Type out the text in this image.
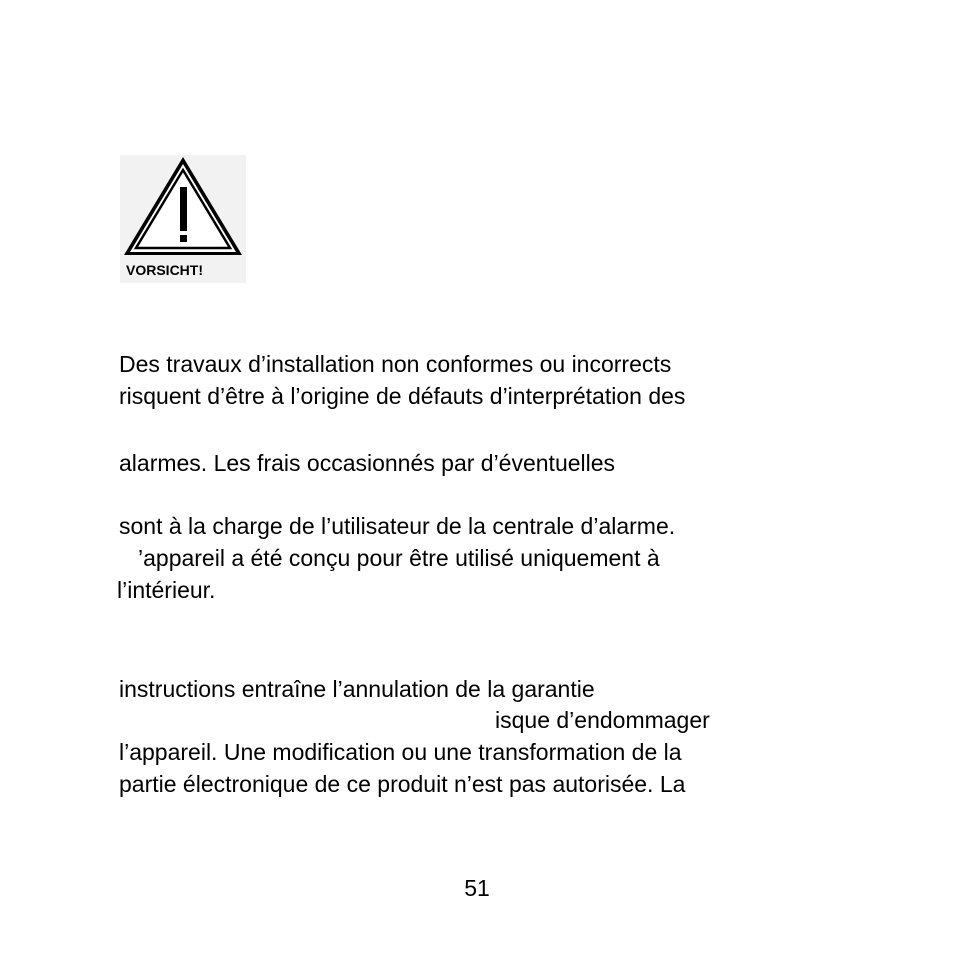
VORSICHT!
Des travaux d’installation non conformes ou incorrects
risquent d’être à l’origine de défauts d’interprétation des
alarmes. Les frais occasionnés par d’éventuelles
sont à la charge de l’utilisateur de la centrale d’alarme.
’appareil a été conçu pour être utilisé uniquement à
l’intérieur.
instructions entraîne l’annulation de la garantie
isque d’endommager
l’appareil. Une modification ou une transformation de la
partie électronique de ce produit n’est pas autorisée. La
51
